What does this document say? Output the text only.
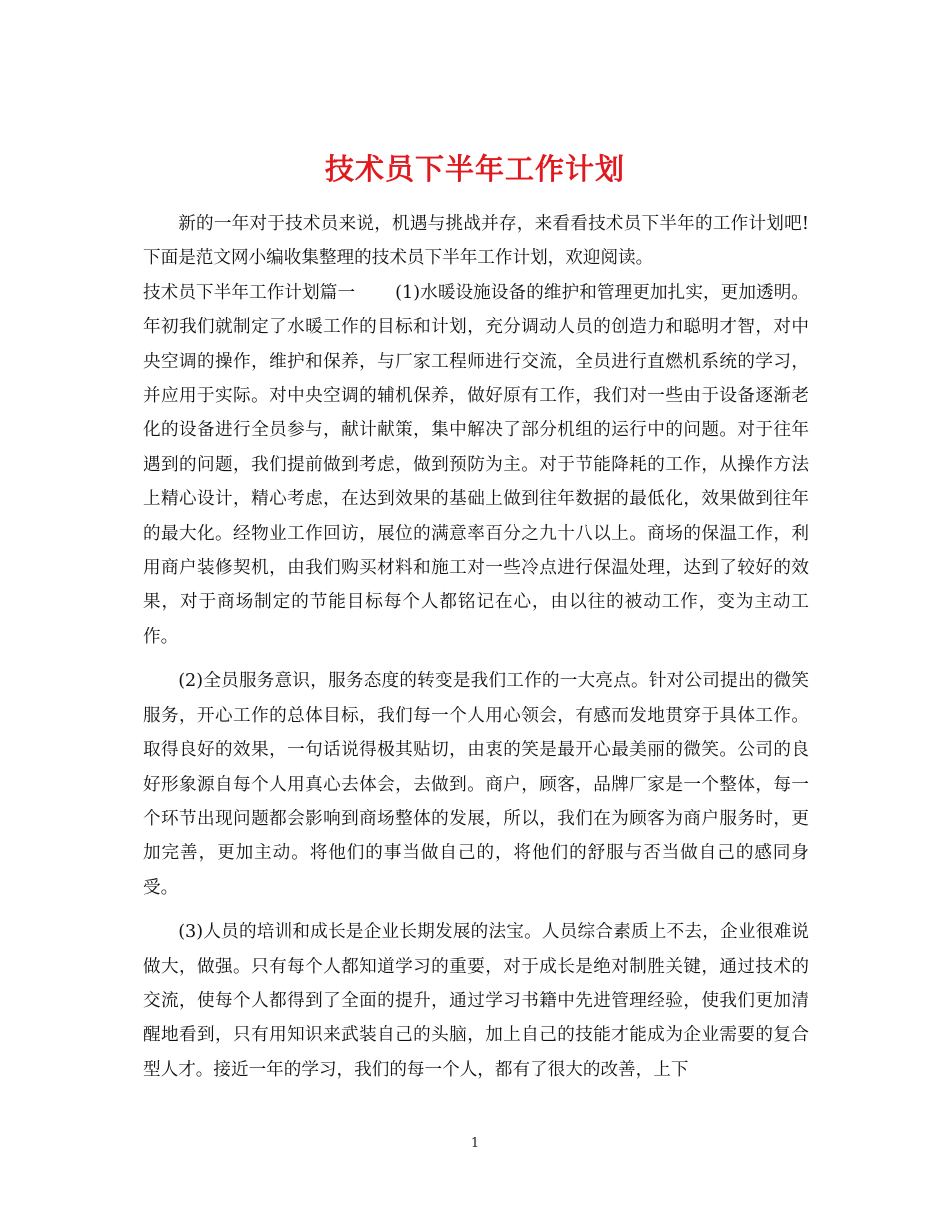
技术员下半年工作计划

新的一年对于技术员来说，机遇与挑战并存，来看看技术员下半年的工作计划吧!下面是范文网小编收集整理的技术员下半年工作计划，欢迎阅读。

技术员下半年工作计划篇一 (1)水暖设施设备的维护和管理更加扎实，更加透明。年初我们就制定了水暖工作的目标和计划，充分调动人员的创造力和聪明才智，对中央空调的操作，维护和保养，与厂家工程师进行交流，全员进行直燃机系统的学习，并应用于实际。对中央空调的辅机保养，做好原有工作，我们对一些由于设备逐渐老化的设备进行全员参与，献计献策，集中解决了部分机组的运行中的问题。对于往年遇到的问题，我们提前做到考虑，做到预防为主。对于节能降耗的工作，从操作方法上精心设计，精心考虑，在达到效果的基础上做到往年数据的最低化，效果做到往年的最大化。经物业工作回访，展位的满意率百分之九十八以上。商场的保温工作，利用商户装修契机，由我们购买材料和施工对一些冷点进行保温处理，达到了较好的效果，对于商场制定的节能目标每个人都铭记在心，由以往的被动工作，变为主动工作。

(2)全员服务意识，服务态度的转变是我们工作的一大亮点。针对公司提出的微笑服务，开心工作的总体目标，我们每一个人用心领会，有感而发地贯穿于具体工作。取得良好的效果，一句话说得极其贴切，由衷的笑是最开心最美丽的微笑。公司的良好形象源自每个人用真心去体会，去做到。商户，顾客，品牌厂家是一个整体，每一个环节出现问题都会影响到商场整体的发展，所以，我们在为顾客为商户服务时，更加完善，更加主动。将他们的事当做自己的，将他们的舒服与否当做自己的感同身受。

(3)人员的培训和成长是企业长期发展的法宝。人员综合素质上不去，企业很难说做大，做强。只有每个人都知道学习的重要，对于成长是绝对制胜关键，通过技术的交流，使每个人都得到了全面的提升，通过学习书籍中先进管理经验，使我们更加清醒地看到，只有用知识来武装自己的头脑，加上自己的技能才能成为企业需要的复合型人才。接近一年的学习，我们的每一个人，都有了很大的改善，上下

1
